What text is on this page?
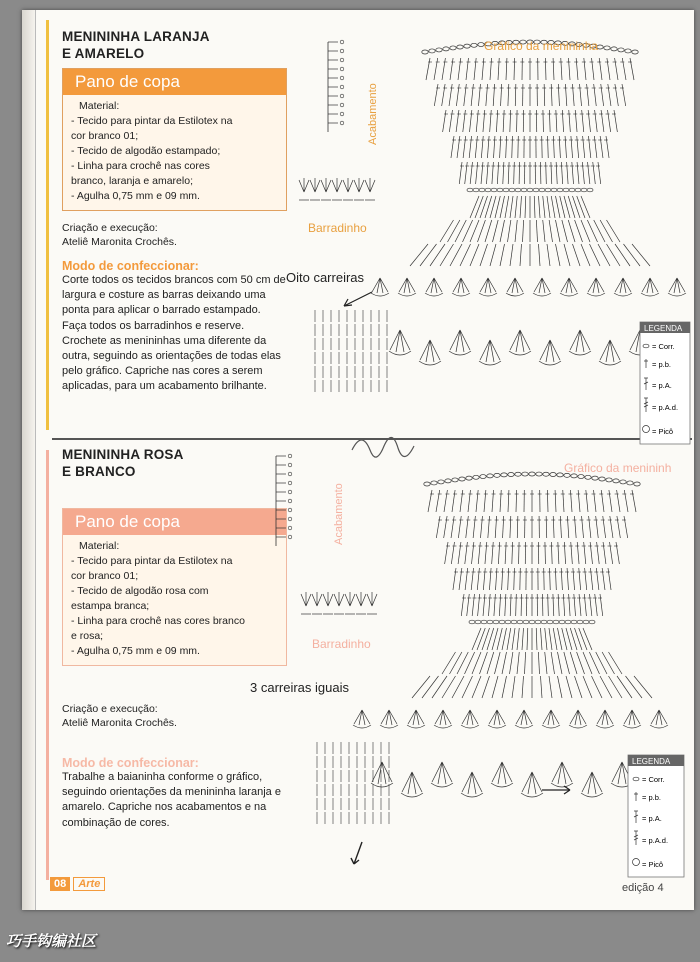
MENININHA LARANJA
E AMARELO
Pano de copa
Material:
- Tecido para pintar da Estilotex na
cor branco 01;
- Tecido de algodão estampado;
- Linha para crochê nas cores
branco, laranja e amarelo;
- Agulha 0,75 mm e 09 mm.
Criação e execução:
Ateliê Maronita Crochês.
Modo de confeccionar:
Corte todos os tecidos brancos com 50 cm de largura e costure as barras deixando uma ponta para aplicar o barrado estampado. Faça todos os barradinhos e reserve. Crochete as menininhas uma diferente da outra, seguindo as orientações de todas elas pelo gráfico. Capriche nas cores a serem aplicadas, para um acabamento brilhante.
MENININHA ROSA
E BRANCO
Pano de copa
Material:
- Tecido para pintar da Estilotex na
cor branco 01;
- Tecido de algodão rosa com
estampa branca;
- Linha para crochê nas cores branco
e rosa;
- Agulha 0,75 mm e 09 mm.
Criação e execução:
Ateliê Maronita Crochês.
Modo de confeccionar:
Trabalhe a baianinha conforme o gráfico, seguindo orientações da menininha laranja e amarelo. Capriche nos acabamentos e na combinação de cores.
Gráfico da menininha
Acabamento
Barradinho
Oito carreiras
Gráfico da menininh
Acabamento
Barradinho
3 carreiras iguais
LEGENDA
= Corr.
= p.b.
= p.A.
= p.A.d.
= Picô
LEGENDA
= Corr.
= p.b.
= p.A.
= p.A.d.
= Picô
08 Arte	edição 4
巧手钩编社区
